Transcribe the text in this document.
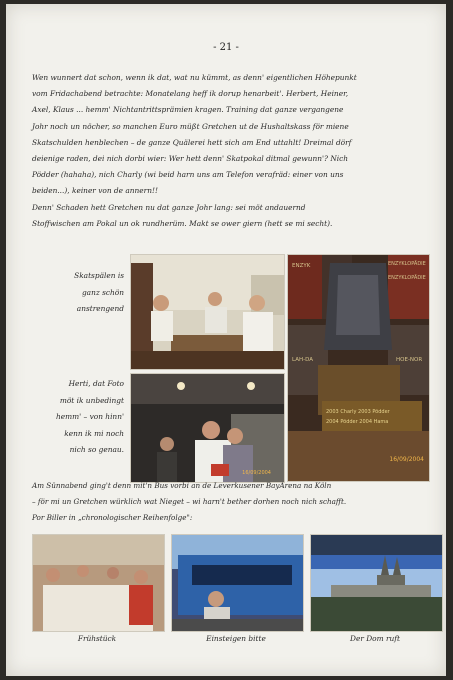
- 21 -
Wen wunnert dat schon, wenn ik dat, wat nu kümmt, as denn' eigentlichen Höhepunkt
vom Fridachabend betrachte: Monatelang heff ik dorup henarbeit'. Herbert, Heiner,
Axel, Klaus ... hemm' Nichtantrittsprämien kragen. Training dat ganze vergangene
Johr noch un nöcher, so manchen Euro müßt Gretchen ut de Hushaltskass för miene
Skatschulden henblechen – de ganze Quälerei hett sich am End uttahlt! Dreimal dörf
deienige raden, dei nich dorbi wier: Wer hett denn' Skatpokal ditmal gewunn'? Nich
Pödder (hahaha), nich Charly (wi beid harn uns am Telefon verafräd: einer von uns
beiden...), keiner von de annern!!
Denn' Schaden hett Gretchen nu dat ganze Johr lang: sei möt andauernd
Stoffwischen am Pokal un ok rundherüm. Makt se ower giern (hett se mi secht).
Skatspälen is
ganz schön
anstrengend
Herti, dat Foto
möt ik unbedingt
hemm' – von hinn'
kenn ik mi noch
nich so genau.
16/09/2004
ENZYK	ENZYKLOPÄDIE
ENZYKLOPÄDIE
LAH-DA	HOE-NOR
2003 Charly 2003 Pödder
2004 Pödder 2004 Hama
16/09/2004
Am Sünnabend ging't denn mit'n Bus vorbi an de Leverkusener BayArena na Köln
– för mi un Gretchen würklich wat Nieget – wi harn't bether dorhen noch nich schafft.
Por Biller in „chronologischer Reihenfolge":
Frühstück	Einsteigen bitte	Der Dom ruft
